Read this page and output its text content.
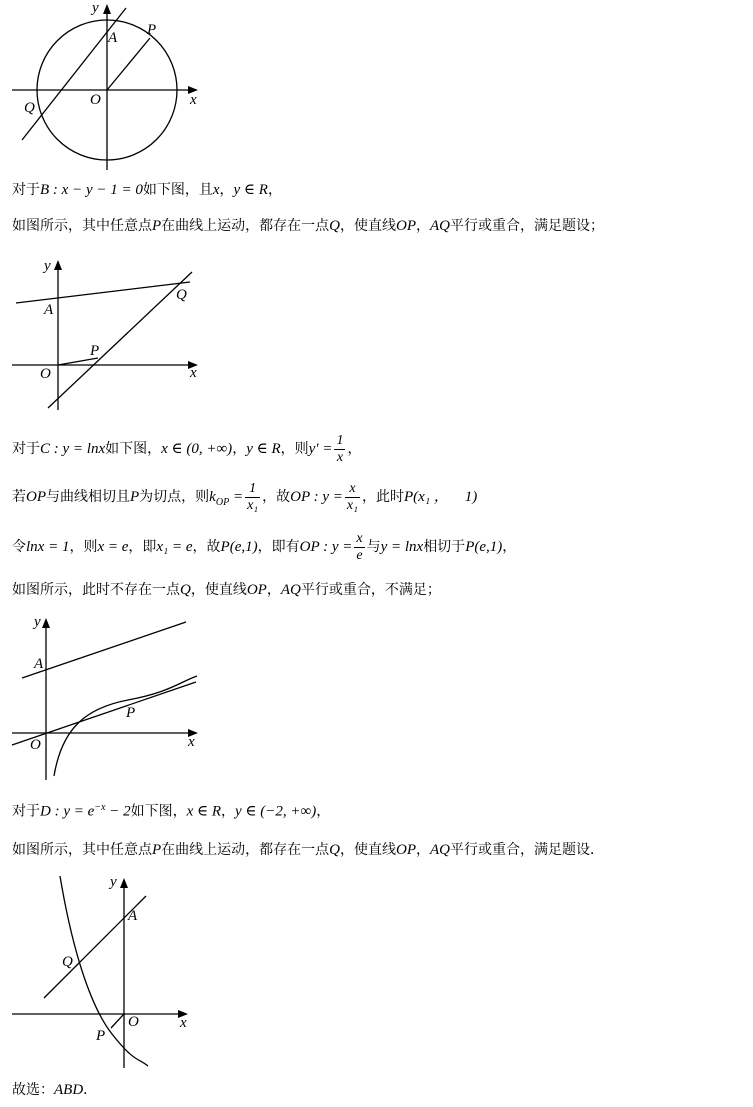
y
x
A P
O
Q
对于B : x − y − 1 = 0如下图，且x，y ∈ R，
如图所示，其中任意点P在曲线上运动，都存在一点Q，使直线OP，AQ平行或重合，满足题设；
y
x
A
P
O
Q
对于C : y = lnx如下图，x ∈ (0, +∞)，y ∈ R，则$y' = \frac{1}{x}$ ，
若OP与曲线相切且P为切点，则$k_{OP} = \frac{1}{\text{x₁}}$ ，故OP : $y = \frac{x}{\text{x₁}}$ ，此时P(x₁ ， 1)
令lnx = 1，则x = e，即x₁ = e，故P(e,1)，即有OP : $y = \frac{x}{e}$ 与y = lnx相切于P(e,1)，
如图所示，此时不存在一点Q，使直线OP，AQ平行或重合，不满足；
y
x
A
P
O
对于D : $y = e^{-x} - 2$如下图，x ∈ R，y ∈ (−2, +∞)，
如图所示，其中任意点P在曲线上运动，都存在一点Q，使直线OP，AQ平行或重合，满足题设．
y
x
A
P
O
Q
故选：ABD．
